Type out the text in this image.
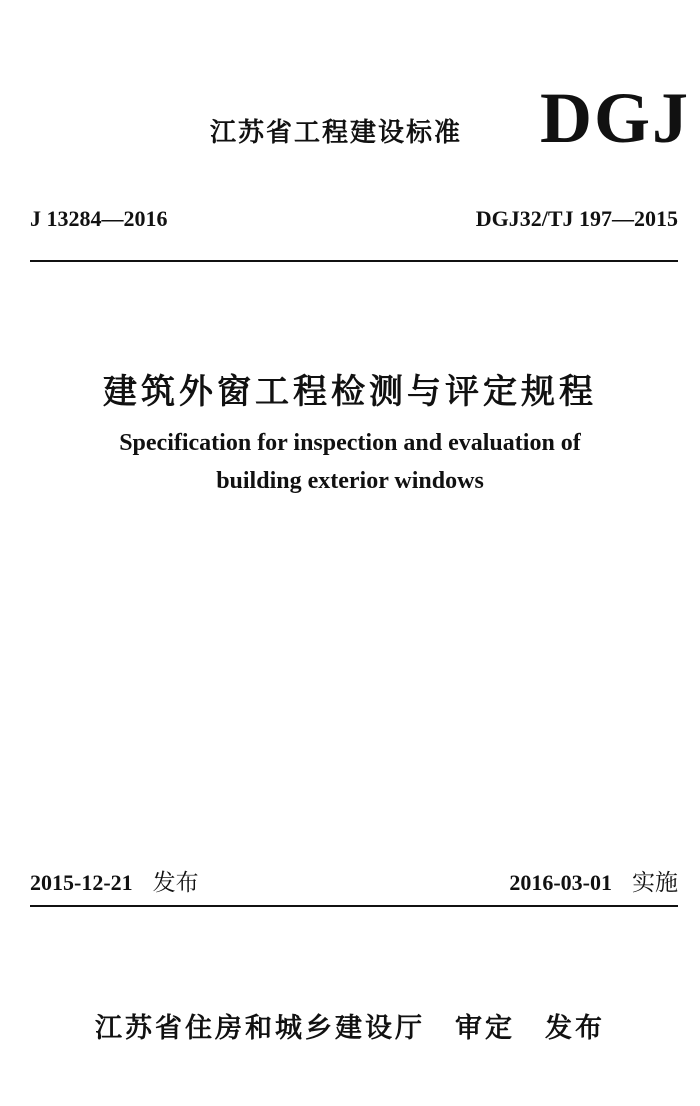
江苏省工程建设标准	DGJ
J 13284—2016	DGJ32/TJ 197—2015
建筑外窗工程检测与评定规程
Specification for inspection and evaluation of
building exterior windows
2015-12-21 发布	2016-03-01 实施
江苏省住房和城乡建设厅 审定 发布
